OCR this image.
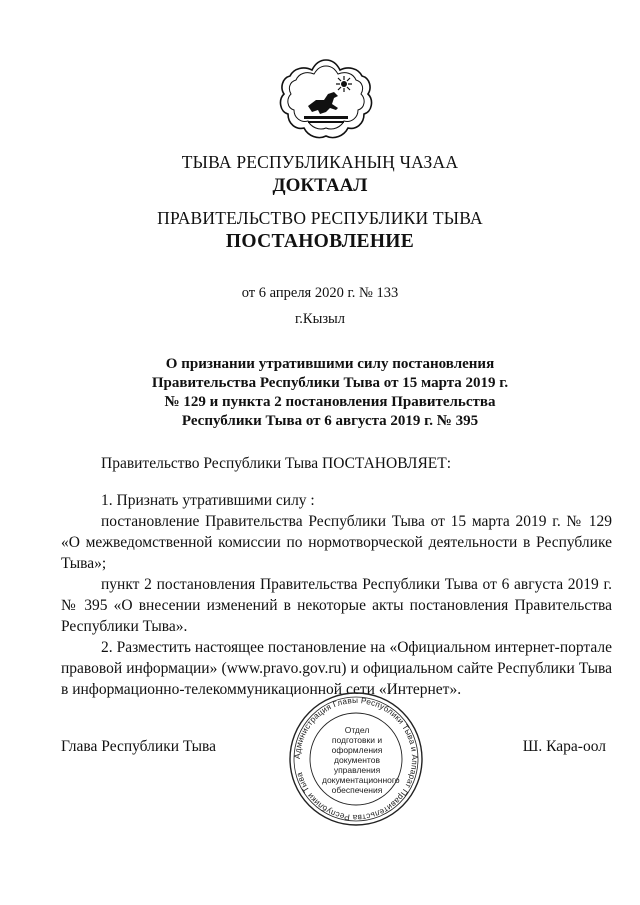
ТЫВА РЕСПУБЛИКАНЫҢ ЧАЗАА
ДОКТААЛ
ПРАВИТЕЛЬСТВО РЕСПУБЛИКИ ТЫВА
ПОСТАНОВЛЕНИЕ
от 6 апреля 2020 г. № 133
г.Кызыл
О признании утратившими силу постановления
Правительства Республики Тыва от 15 марта 2019 г.
№ 129 и пункта 2 постановления Правительства
Республики Тыва от 6 августа 2019 г. № 395
Правительство Республики Тыва ПОСТАНОВЛЯЕТ:

1. Признать утратившими силу :

постановление Правительства Республики Тыва от 15 марта 2019 г. № 129 «О межведомственной комиссии по нормотворческой деятельности в Республике Тыва»;

пункт 2 постановления Правительства Республики Тыва от 6 августа 2019 г. № 395 «О внесении изменений в некоторые акты постановления Правительства Республики Тыва».

2. Разместить настоящее постановление на «Официальном интернет-портале правовой информации» (www.pravo.gov.ru) и официальном сайте Республики Тыва в информационно-телекоммуникационной сети «Интернет».

Глава Республики Тыва	Ш. Кара-оол
Администрация Главы Республики Тыва и Аппарат Правительства Республики Тыва
Отдел
подготовки и
оформления документов
управления
документационного
обеспечения
